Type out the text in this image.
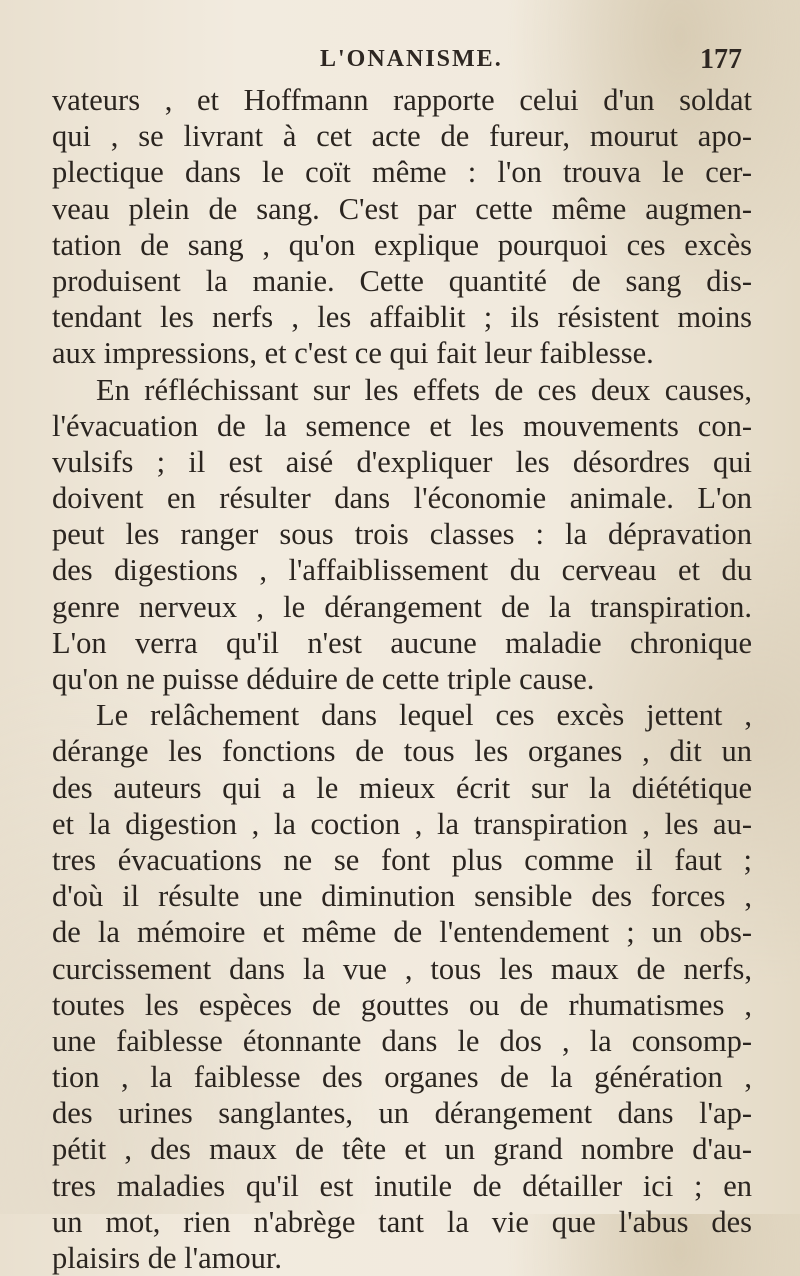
L'ONANISME.	177
vateurs , et Hoffmann rapporte celui d'un soldat
qui , se livrant à cet acte de fureur, mourut apo-
plectique dans le coït même : l'on trouva le cer-
veau plein de sang. C'est par cette même augmen-
tation de sang , qu'on explique pourquoi ces excès
produisent la manie. Cette quantité de sang dis-
tendant les nerfs , les affaiblit ; ils résistent moins
aux impressions, et c'est ce qui fait leur faiblesse.
En réfléchissant sur les effets de ces deux causes,
l'évacuation de la semence et les mouvements con-
vulsifs ; il est aisé d'expliquer les désordres qui
doivent en résulter dans l'économie animale. L'on
peut les ranger sous trois classes : la dépravation
des digestions , l'affaiblissement du cerveau et du
genre nerveux , le dérangement de la transpiration.
L'on verra qu'il n'est aucune maladie chronique
qu'on ne puisse déduire de cette triple cause.
Le relâchement dans lequel ces excès jettent ,
dérange les fonctions de tous les organes , dit un
des auteurs qui a le mieux écrit sur la diététique
et la digestion , la coction , la transpiration , les au-
tres évacuations ne se font plus comme il faut ;
d'où il résulte une diminution sensible des forces ,
de la mémoire et même de l'entendement ; un obs-
curcissement dans la vue , tous les maux de nerfs,
toutes les espèces de gouttes ou de rhumatismes ,
une faiblesse étonnante dans le dos , la consomp-
tion , la faiblesse des organes de la génération ,
des urines sanglantes, un dérangement dans l'ap-
pétit , des maux de tête et un grand nombre d'au-
tres maladies qu'il est inutile de détailler ici ; en
un mot, rien n'abrège tant la vie que l'abus des
plaisirs de l'amour.
